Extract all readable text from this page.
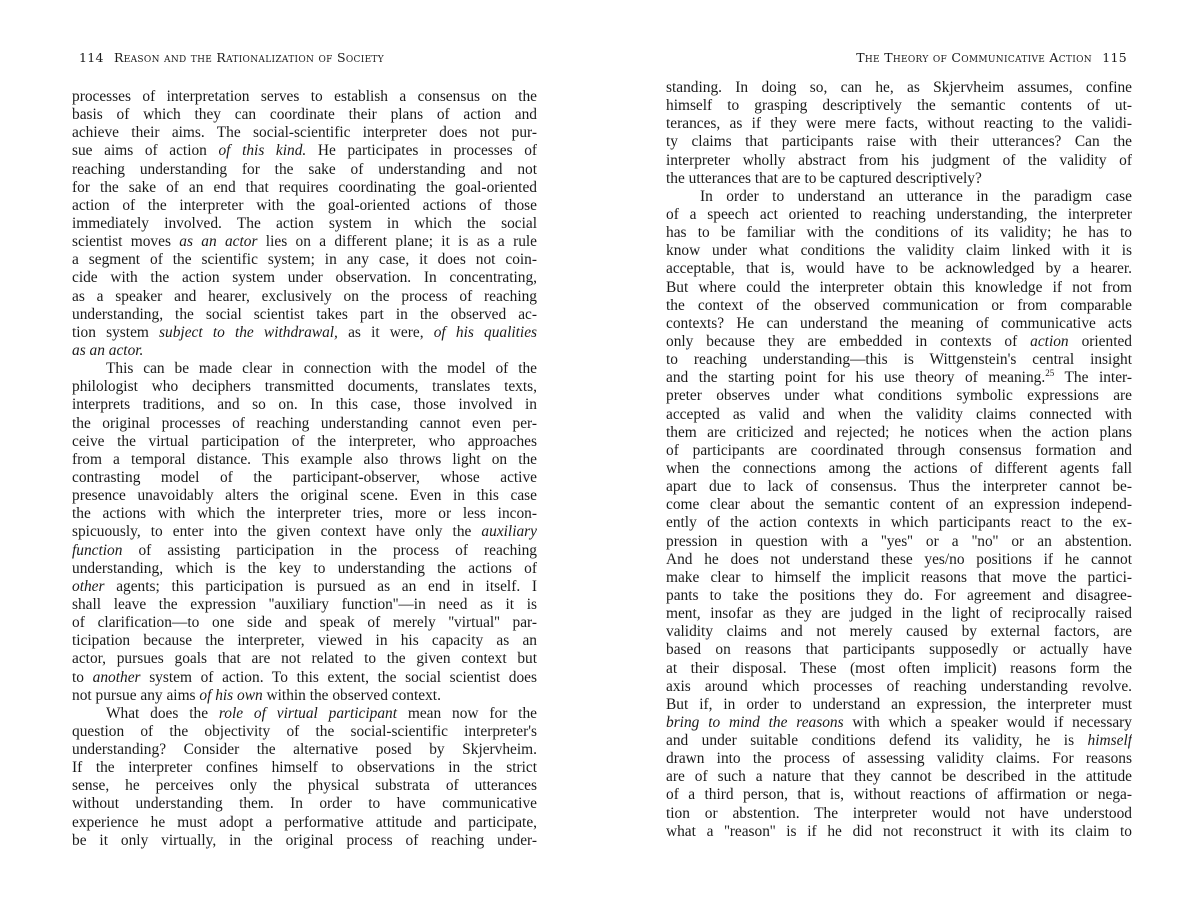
114 Reason and the Rationalization of Society
processes of interpretation serves to establish a consensus on the
basis of which they can coordinate their plans of action and
achieve their aims. The social-scientific interpreter does not pur-
sue aims of action of this kind. He participates in processes of
reaching understanding for the sake of understanding and not
for the sake of an end that requires coordinating the goal-oriented
action of the interpreter with the goal-oriented actions of those
immediately involved. The action system in which the social
scientist moves as an actor lies on a different plane; it is as a rule
a segment of the scientific system; in any case, it does not coin-
cide with the action system under observation. In concentrating,
as a speaker and hearer, exclusively on the process of reaching
understanding, the social scientist takes part in the observed ac-
tion system subject to the withdrawal, as it were, of his qualities
as an actor.
This can be made clear in connection with the model of the
philologist who deciphers transmitted documents, translates texts,
interprets traditions, and so on. In this case, those involved in
the original processes of reaching understanding cannot even per-
ceive the virtual participation of the interpreter, who approaches
from a temporal distance. This example also throws light on the
contrasting model of the participant-observer, whose active
presence unavoidably alters the original scene. Even in this case
the actions with which the interpreter tries, more or less incon-
spicuously, to enter into the given context have only the auxiliary
function of assisting participation in the process of reaching
understanding, which is the key to understanding the actions of
other agents; this participation is pursued as an end in itself. I
shall leave the expression ''auxiliary function''—in need as it is
of clarification—to one side and speak of merely ''virtual'' par-
ticipation because the interpreter, viewed in his capacity as an
actor, pursues goals that are not related to the given context but
to another system of action. To this extent, the social scientist does
not pursue any aims of his own within the observed context.
What does the role of virtual participant mean now for the
question of the objectivity of the social-scientific interpreter's
understanding? Consider the alternative posed by Skjervheim.
If the interpreter confines himself to observations in the strict
sense, he perceives only the physical substrata of utterances
without understanding them. In order to have communicative
experience he must adopt a performative attitude and participate,
be it only virtually, in the original process of reaching under-
The Theory of Communicative Action 115
standing. In doing so, can he, as Skjervheim assumes, confine
himself to grasping descriptively the semantic contents of ut-
terances, as if they were mere facts, without reacting to the validi-
ty claims that participants raise with their utterances? Can the
interpreter wholly abstract from his judgment of the validity of
the utterances that are to be captured descriptively?
In order to understand an utterance in the paradigm case
of a speech act oriented to reaching understanding, the interpreter
has to be familiar with the conditions of its validity; he has to
know under what conditions the validity claim linked with it is
acceptable, that is, would have to be acknowledged by a hearer.
But where could the interpreter obtain this knowledge if not from
the context of the observed communication or from comparable
contexts? He can understand the meaning of communicative acts
only because they are embedded in contexts of action oriented
to reaching understanding—this is Wittgenstein's central insight
and the starting point for his use theory of meaning.$^{25}$ The inter-
preter observes under what conditions symbolic expressions are
accepted as valid and when the validity claims connected with
them are criticized and rejected; he notices when the action plans
of participants are coordinated through consensus formation and
when the connections among the actions of different agents fall
apart due to lack of consensus. Thus the interpreter cannot be-
come clear about the semantic content of an expression independ-
ently of the action contexts in which participants react to the ex-
pression in question with a ''yes'' or a ''no'' or an abstention.
And he does not understand these yes/no positions if he cannot
make clear to himself the implicit reasons that move the partici-
pants to take the positions they do. For agreement and disagree-
ment, insofar as they are judged in the light of reciprocally raised
validity claims and not merely caused by external factors, are
based on reasons that participants supposedly or actually have
at their disposal. These (most often implicit) reasons form the
axis around which processes of reaching understanding revolve.
But if, in order to understand an expression, the interpreter must
bring to mind the reasons with which a speaker would if necessary
and under suitable conditions defend its validity, he is himself
drawn into the process of assessing validity claims. For reasons
are of such a nature that they cannot be described in the attitude
of a third person, that is, without reactions of affirmation or nega-
tion or abstention. The interpreter would not have understood
what a ''reason'' is if he did not reconstruct it with its claim to
